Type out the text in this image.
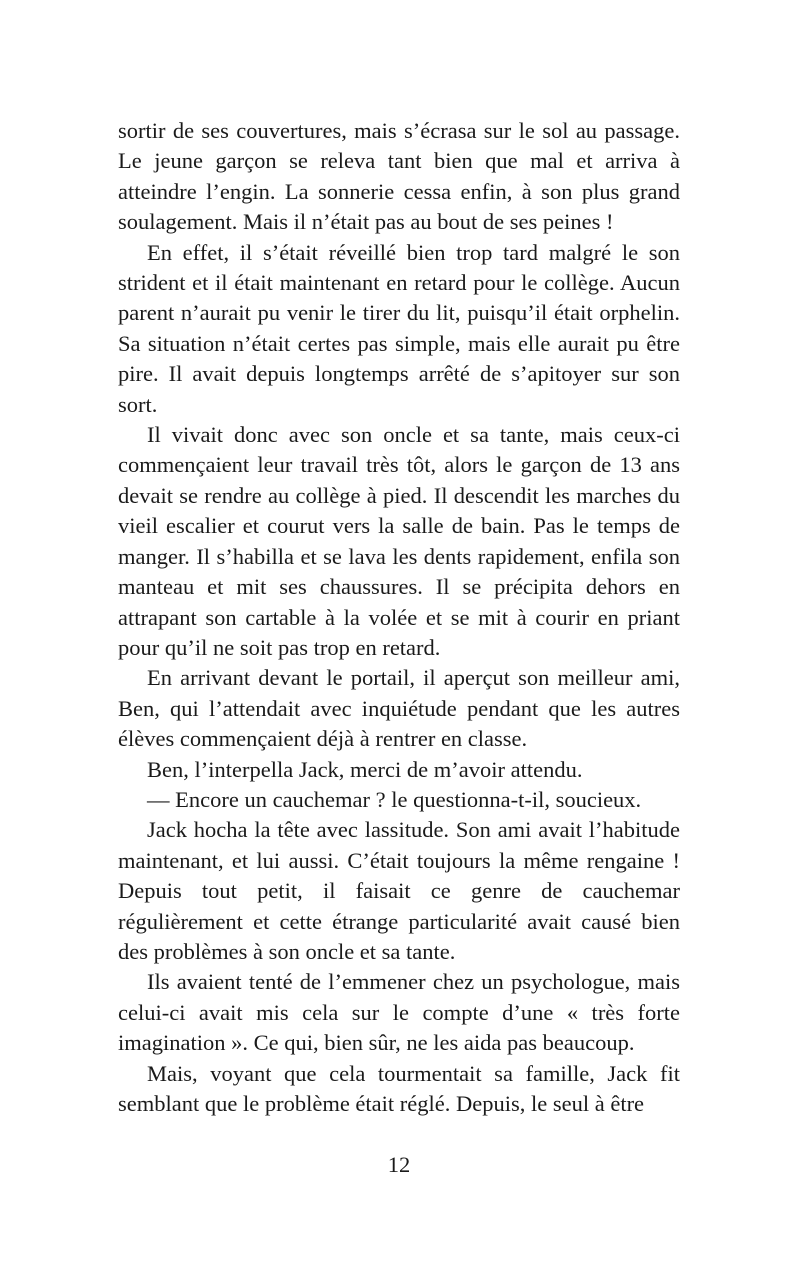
sortir de ses couvertures, mais s’écrasa sur le sol au passage. Le jeune garçon se releva tant bien que mal et arriva à atteindre l’engin. La sonnerie cessa enfin, à son plus grand soulagement. Mais il n’était pas au bout de ses peines !

En effet, il s’était réveillé bien trop tard malgré le son strident et il était maintenant en retard pour le collège. Aucun parent n’aurait pu venir le tirer du lit, puisqu’il était orphelin. Sa situation n’était certes pas simple, mais elle aurait pu être pire. Il avait depuis longtemps arrêté de s’apitoyer sur son sort.

Il vivait donc avec son oncle et sa tante, mais ceux-ci commençaient leur travail très tôt, alors le garçon de 13 ans devait se rendre au collège à pied. Il descendit les marches du vieil escalier et courut vers la salle de bain. Pas le temps de manger. Il s’habilla et se lava les dents rapidement, enfila son manteau et mit ses chaussures. Il se précipita dehors en attrapant son cartable à la volée et se mit à courir en priant pour qu’il ne soit pas trop en retard.

En arrivant devant le portail, il aperçut son meilleur ami, Ben, qui l’attendait avec inquiétude pendant que les autres élèves commençaient déjà à rentrer en classe.

Ben, l’interpella Jack, merci de m’avoir attendu.

— Encore un cauchemar ? le questionna-t-il, soucieux.

Jack hocha la tête avec lassitude. Son ami avait l’habitude maintenant, et lui aussi. C’était toujours la même rengaine ! Depuis tout petit, il faisait ce genre de cauchemar régulièrement et cette étrange particularité avait causé bien des problèmes à son oncle et sa tante.

Ils avaient tenté de l’emmener chez un psychologue, mais celui-ci avait mis cela sur le compte d’une « très forte imagination ». Ce qui, bien sûr, ne les aida pas beaucoup.

Mais, voyant que cela tourmentait sa famille, Jack fit semblant que le problème était réglé. Depuis, le seul à être

12
